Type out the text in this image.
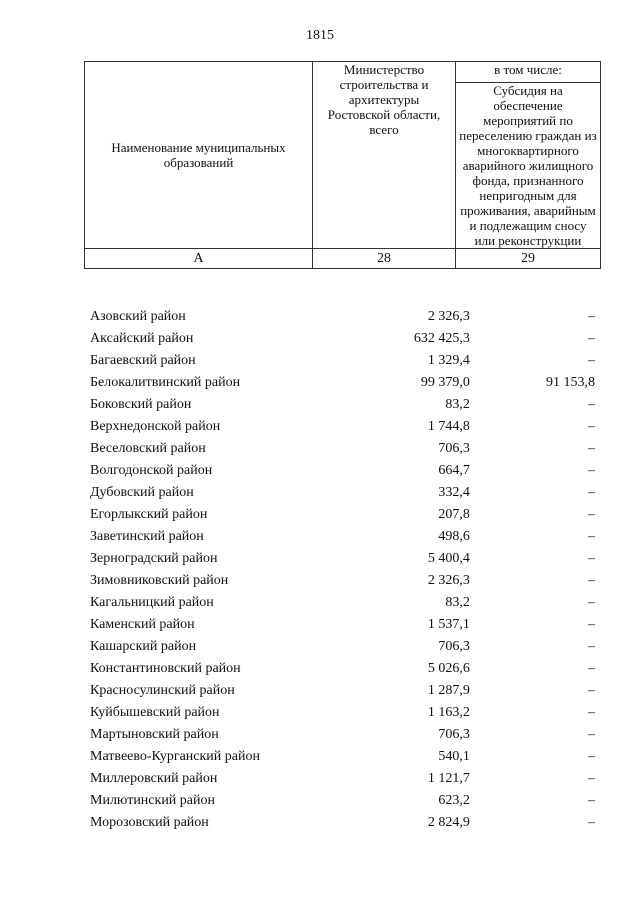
1815
Наименование муниципальных образований	Министерство строительства и архитектуры Ростовской области, всего	в том числе:
		Субсидия на обеспечение мероприятий по переселению граждан из многоквартирного аварийного жилищного фонда, признанного непригодным для проживания, аварийным и подлежащим сносу или реконструкции
А	28	29
Азовский район	2 326,3	–
Аксайский район	632 425,3	–
Багаевский район	1 329,4	–
Белокалитвинский район	99 379,0	91 153,8
Боковский район	83,2	–
Верхнедонской район	1 744,8	–
Веселовский район	706,3	–
Волгодонской район	664,7	–
Дубовский район	332,4	–
Егорлыкский район	207,8	–
Заветинский район	498,6	–
Зерноградский район	5 400,4	–
Зимовниковский район	2 326,3	–
Кагальницкий район	83,2	–
Каменский район	1 537,1	–
Кашарский район	706,3	–
Константиновский район	5 026,6	–
Красносулинский район	1 287,9	–
Куйбышевский район	1 163,2	–
Мартыновский район	706,3	–
Матвеево-Курганский район	540,1	–
Миллеровский район	1 121,7	–
Милютинский район	623,2	–
Морозовский район	2 824,9	–
